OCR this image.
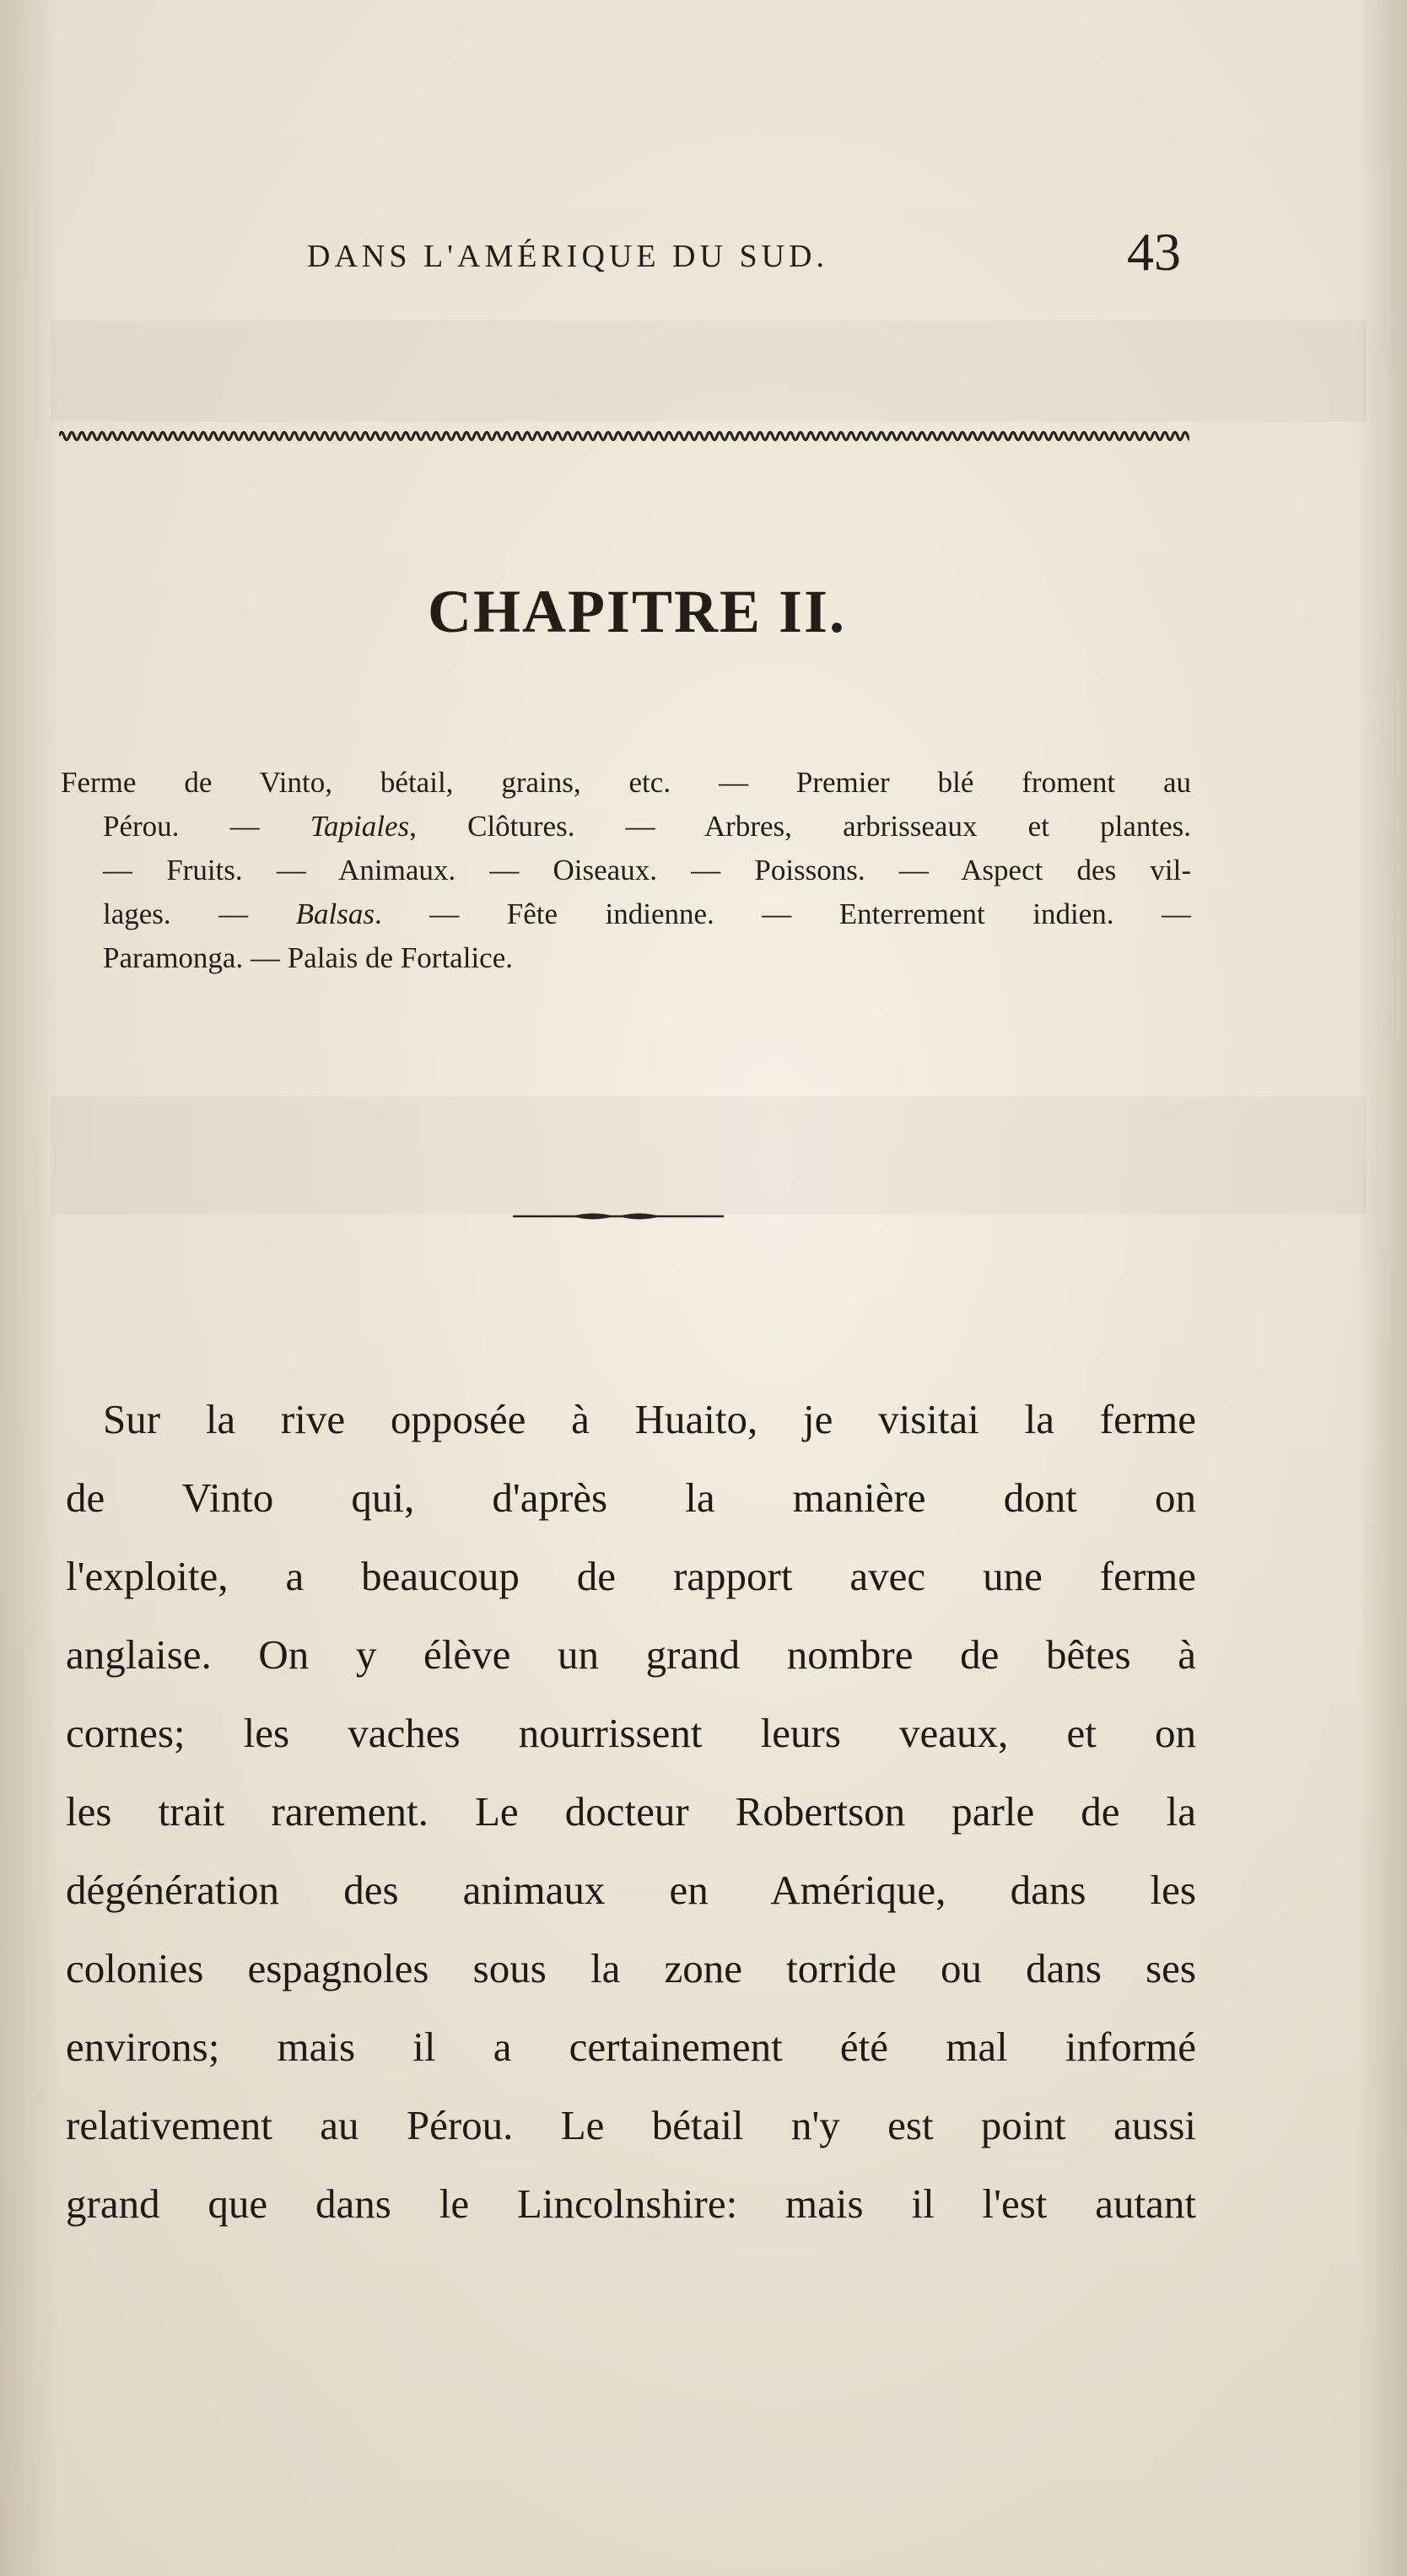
DANS L'AMÉRIQUE DU SUD.	43
CHAPITRE II.
Ferme de Vinto, bétail, grains, etc. — Premier blé froment au
Pérou. — Tapiales, Clôtures. — Arbres, arbrisseaux et plantes.
— Fruits. — Animaux. — Oiseaux. — Poissons. — Aspect des vil-
lages. — Balsas. — Fête indienne. — Enterrement indien. —
Paramonga. — Palais de Fortalice.
Sur la rive opposée à Huaito, je visitai la ferme
de Vinto qui, d'après la manière dont on
l'exploite, a beaucoup de rapport avec une ferme
anglaise. On y élève un grand nombre de bêtes à
cornes; les vaches nourrissent leurs veaux, et on
les trait rarement. Le docteur Robertson parle de la
dégénération des animaux en Amérique, dans les
colonies espagnoles sous la zone torride ou dans ses
environs; mais il a certainement été mal informé
relativement au Pérou. Le bétail n'y est point aussi
grand que dans le Lincolnshire: mais il l'est autant
